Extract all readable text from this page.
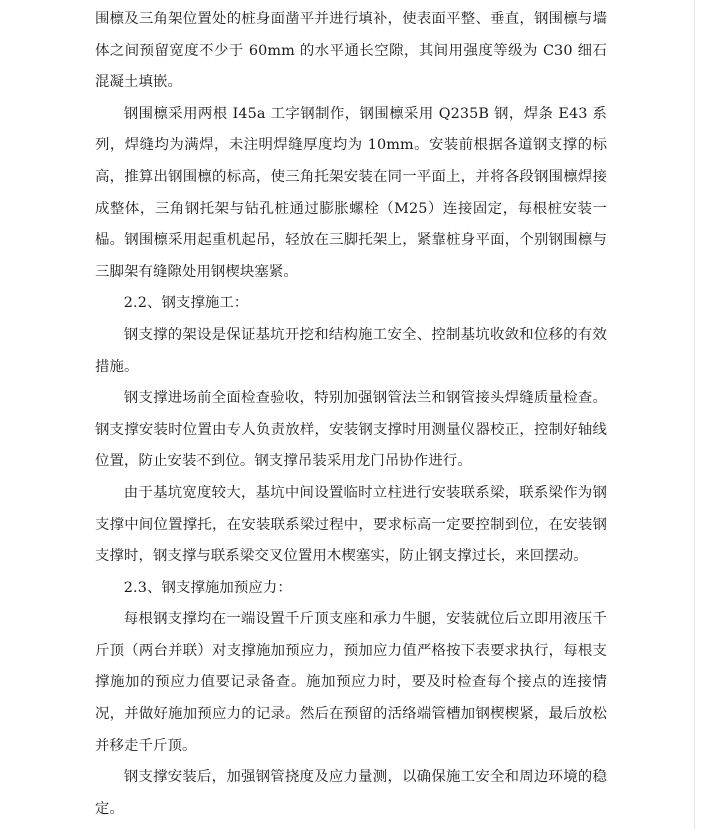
围檩及三角架位置处的桩身面凿平并进行填补，使表面平整、垂直，钢围檩与墙体之间预留宽度不少于 60mm 的水平通长空隙，其间用强度等级为 C30 细石混凝土填嵌。

钢围檩采用两根 I45a 工字钢制作，钢围檩采用 Q235B 钢，焊条 E43 系列，焊缝均为满焊，未注明焊缝厚度均为 10mm。安装前根据各道钢支撑的标高，推算出钢围檩的标高，使三角托架安装在同一平面上，并将各段钢围檩焊接成整体，三角钢托架与钻孔桩通过膨胀螺栓（M25）连接固定，每根桩安装一榀。钢围檩采用起重机起吊，轻放在三脚托架上，紧靠桩身平面，个别钢围檩与三脚架有缝隙处用钢楔块塞紧。

2.2、钢支撑施工：

钢支撑的架设是保证基坑开挖和结构施工安全、控制基坑收敛和位移的有效措施。

钢支撑进场前全面检查验收，特别加强钢管法兰和钢管接头焊缝质量检查。钢支撑安装时位置由专人负责放样，安装钢支撑时用测量仪器校正，控制好轴线位置，防止安装不到位。钢支撑吊装采用龙门吊协作进行。

由于基坑宽度较大，基坑中间设置临时立柱进行安装联系梁，联系梁作为钢支撑中间位置撑托，在安装联系梁过程中，要求标高一定要控制到位，在安装钢支撑时，钢支撑与联系梁交叉位置用木楔塞实，防止钢支撑过长，来回摆动。

2.3、钢支撑施加预应力：

每根钢支撑均在一端设置千斤顶支座和承力牛腿，安装就位后立即用液压千斤顶（两台并联）对支撑施加预应力，预加应力值严格按下表要求执行，每根支撑施加的预应力值要记录备查。施加预应力时，要及时检查每个接点的连接情况，并做好施加预应力的记录。然后在预留的活络端管槽加钢楔楔紧，最后放松并移走千斤顶。

钢支撑安装后，加强钢管挠度及应力量测，以确保施工安全和周边环境的稳定。
